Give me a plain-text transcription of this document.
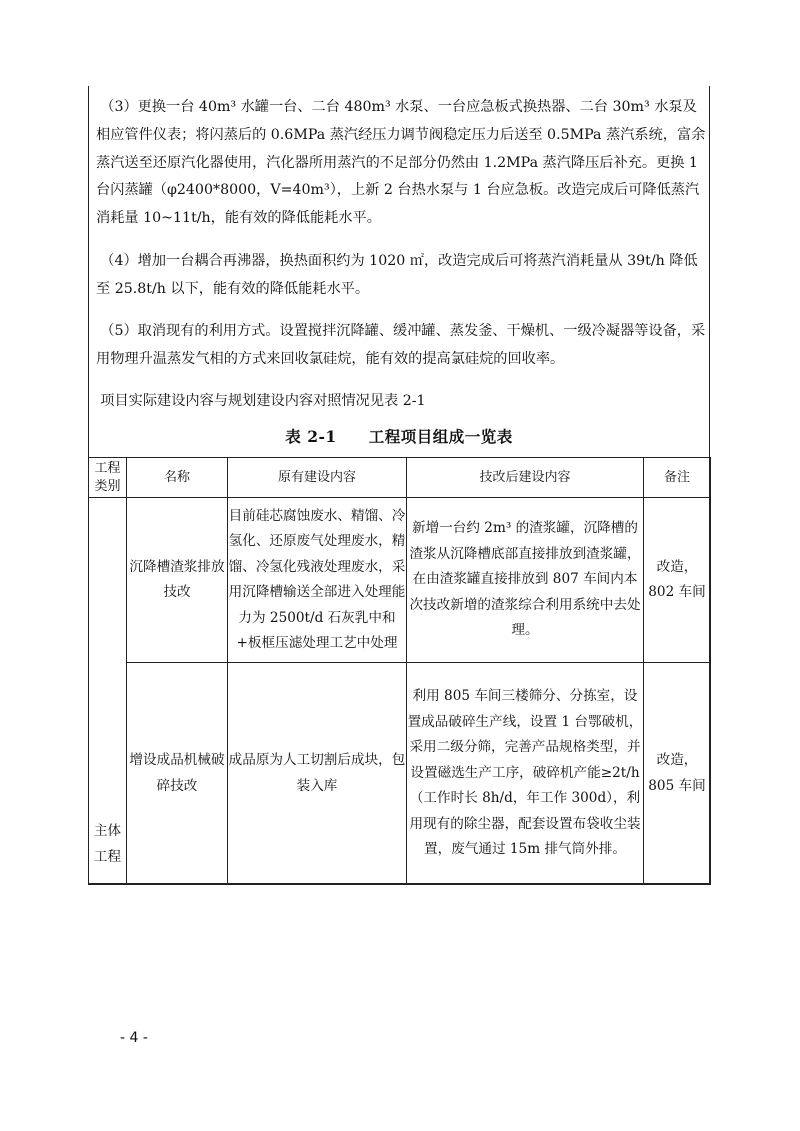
（3）更换一台 40m³ 水罐一台、二台 480m³ 水泵、一台应急板式换热器、二台 30m³ 水泵及相应管件仪表；将闪蒸后的 0.6MPa 蒸汽经压力调节阀稳定压力后送至 0.5MPa 蒸汽系统，富余蒸汽送至还原汽化器使用，汽化器所用蒸汽的不足部分仍然由 1.2MPa 蒸汽降压后补充。更换 1 台闪蒸罐（φ2400*8000，V=40m³），上新 2 台热水泵与 1 台应急板。改造完成后可降低蒸汽消耗量 10~11t/h，能有效的降低能耗水平。

（4）增加一台耦合再沸器，换热面积约为 1020 ㎡，改造完成后可将蒸汽消耗量从 39t/h 降低至 25.8t/h 以下，能有效的降低能耗水平。

（5）取消现有的利用方式。设置搅拌沉降罐、缓冲罐、蒸发釜、干燥机、一级冷凝器等设备，采用物理升温蒸发气相的方式来回收氯硅烷，能有效的提高氯硅烷的回收率。

项目实际建设内容与规划建设内容对照情况见表 2-1

表 2-1　　工程项目组成一览表
工程类别	名称	原有建设内容	技改后建设内容	备注
主体工程	沉降槽渣浆排放技改	目前硅芯腐蚀废水、精馏、冷氢化、还原废气处理废水，精馏、冷氢化残液处理废水，采用沉降槽输送全部进入处理能力为 2500t/d 石灰乳中和+板框压滤处理工艺中处理	新增一台约 2m³ 的渣浆罐，沉降槽的渣浆从沉降槽底部直接排放到渣浆罐，在由渣浆罐直接排放到 807 车间内本次技改新增的渣浆综合利用系统中去处理。	改造，802 车间
	增设成品机械破碎技改	成品原为人工切割后成块，包装入库	利用 805 车间三楼筛分、分拣室，设置成品破碎生产线，设置 1 台鄂破机，采用二级分筛，完善产品规格类型，并设置磁选生产工序，破碎机产能≥2t/h（工作时长 8h/d，年工作 300d），利用现有的除尘器，配套设置布袋收尘装置，废气通过 15m 排气筒外排。	改造，805 车间
- 4 -
